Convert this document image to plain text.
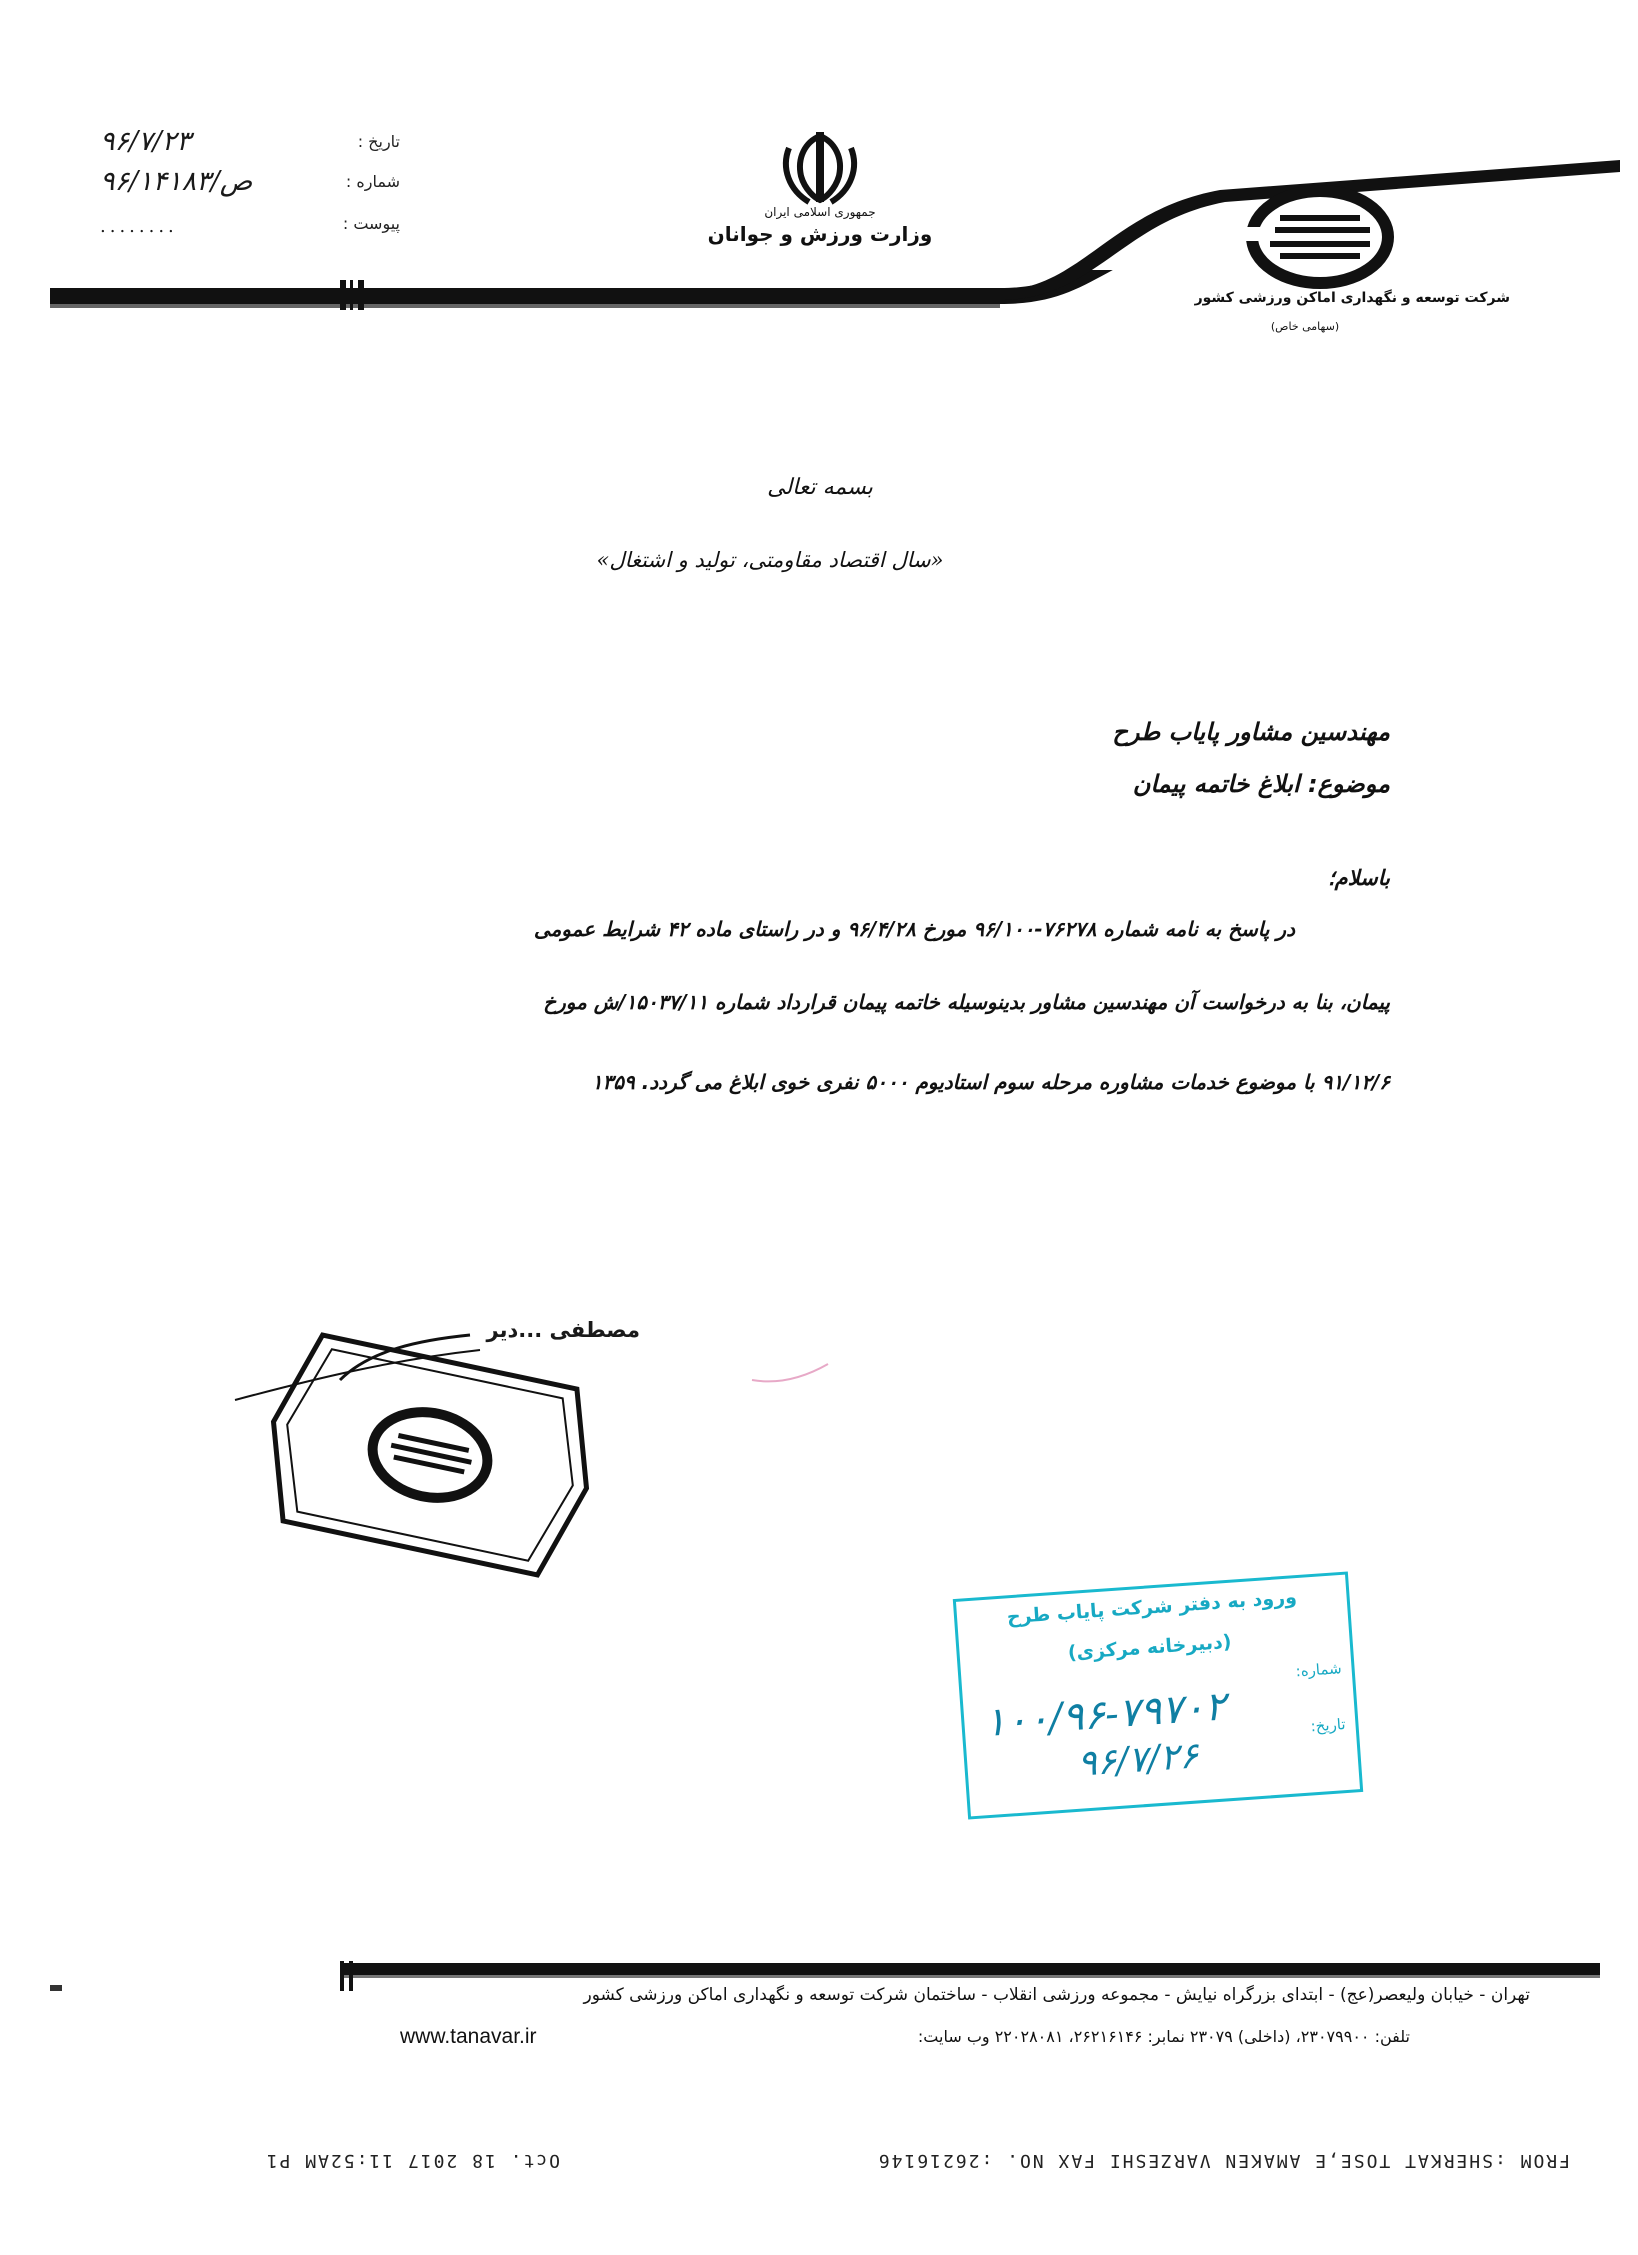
تاریخ :
۹۶/۷/۲۳
شماره :
۹۶/۱۴۱۸۳/ص
پیوست :
........
جمهوری اسلامی ایران
وزارت ورزش و جوانان
شرکت توسعه و نگهداری اماکن ورزشی کشور
(سهامی خاص)
بسمه تعالی
«سال اقتصاد مقاومتی، تولید و اشتغال»
مهندسین مشاور پاياب طرح
موضوع: ابلاغ خاتمه پیمان
باسلام؛
در پاسخ به نامه شماره ۷۶۲۷۸-۹۶/۱۰۰ مورخ ۹۶/۴/۲۸ و در راستای ماده ۴۲ شرایط عمومی
پیمان، بنا به درخواست آن مهندسین مشاور بدینوسیله خاتمه پیمان قرارداد شماره ۱۵۰۳۷/۱۱/ش مورخ
۹۱/۱۲/۶ با موضوع خدمات مشاوره مرحله سوم استادیوم ۵۰۰۰ نفری خوی ابلاغ می گردد. ۱۳۵۹
مصطفی ...دیر
ورود به دفتر شرکت پاياب طرح
(دبیرخانه مرکزی)
شماره:
۱۰۰/۹۶-۷۹۷۰۲	تاریخ:
۹۶/۷/۲۶
تهران - خیابان ولیعصر(عج) - ابتدای بزرگراه نیایش - مجموعه ورزشی انقلاب - ساختمان شرکت توسعه و نگهداری اماکن ورزشی کشور
تلفن: ۲۳۰۷۹۹۰۰، (داخلی) ۲۳۰۷۹ نمابر: ۲۶۲۱۶۱۴۶، ۲۲۰۲۸۰۸۱ وب سایت:
www.tanavar.ir
FROM :SHERKAT TOSE,E AMAKEN VARZESHI FAX NO. :26216146
Oct. 18 2017 11:52AM P1
